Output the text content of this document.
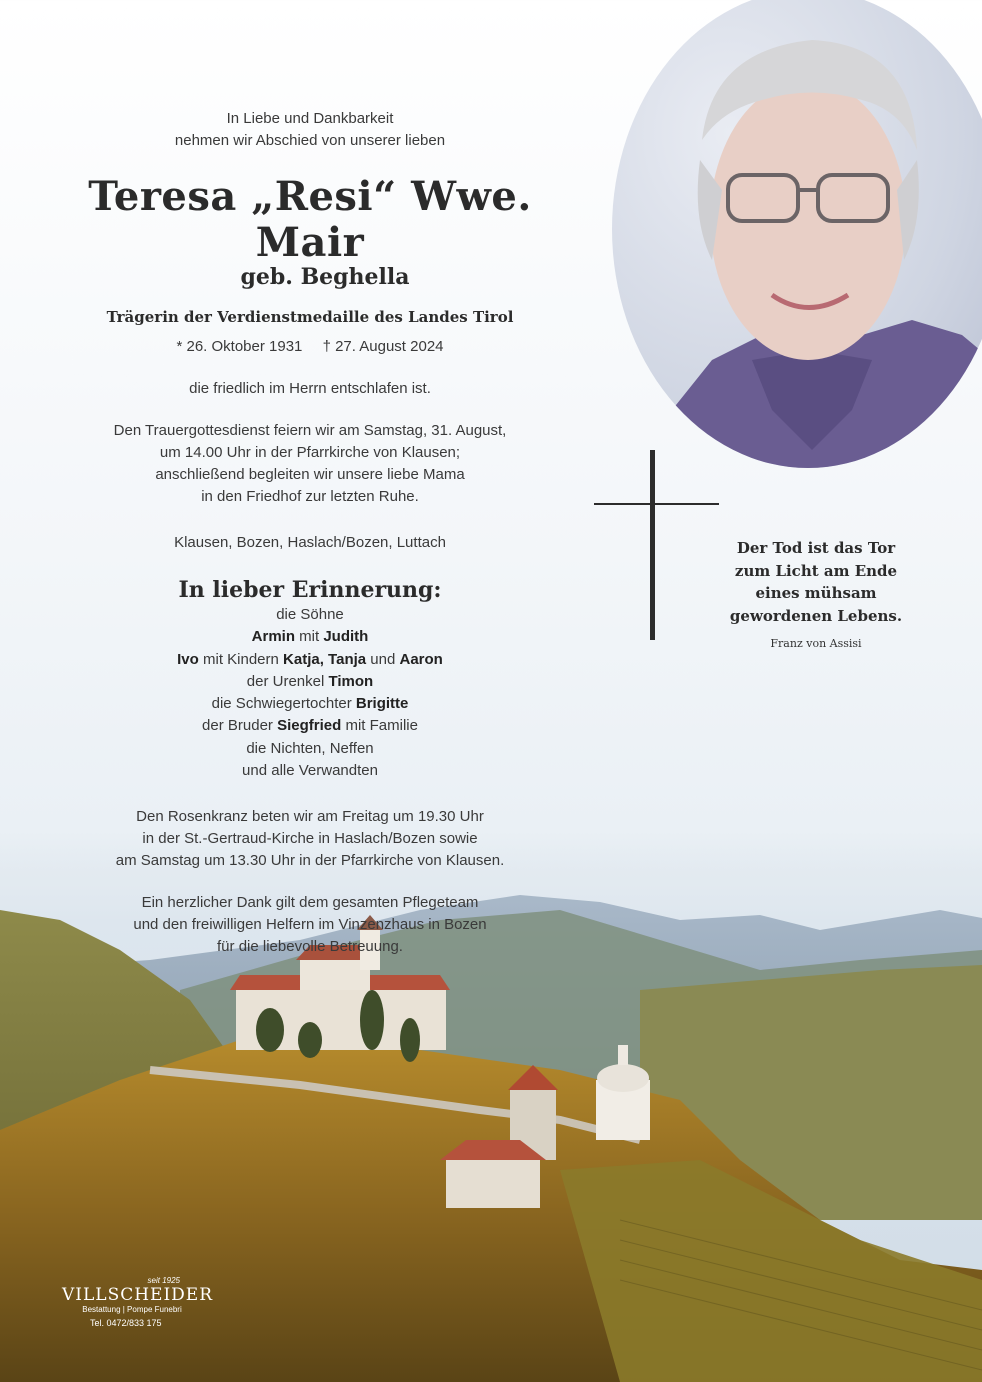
In Liebe und Dankbarkeit
nehmen wir Abschied von unserer lieben
Teresa „Resi“ Wwe. Mair
geb. Beghella
Trägerin der Verdienstmedaille des Landes Tirol
* 26. Oktober 1931 † 27. August 2024
die friedlich im Herrn entschlafen ist.
Den Trauergottesdienst feiern wir am Samstag, 31. August,
um 14.00 Uhr in der Pfarrkirche von Klausen;
anschließend begleiten wir unsere liebe Mama
in den Friedhof zur letzten Ruhe.
Klausen, Bozen, Haslach/Bozen, Luttach
In lieber Erinnerung:
die Söhne
Armin mit Judith
Ivo mit Kindern Katja, Tanja und Aaron
der Urenkel Timon
die Schwiegertochter Brigitte
der Bruder Siegfried mit Familie
die Nichten, Neffen
und alle Verwandten
Den Rosenkranz beten wir am Freitag um 19.30 Uhr
in der St.-Gertraud-Kirche in Haslach/Bozen sowie
am Samstag um 13.30 Uhr in der Pfarrkirche von Klausen.
Ein herzlicher Dank gilt dem gesamten Pflegeteam
und den freiwilligen Helfern im Vinzenzhaus in Bozen
für die liebevolle Betreuung.
Der Tod ist das Tor
zum Licht am Ende
eines mühsam
gewordenen Lebens.
Franz von Assisi
seit 1925
VILLSCHEIDER
Bestattung | Pompe Funebri
Tel. 0472/833 175
